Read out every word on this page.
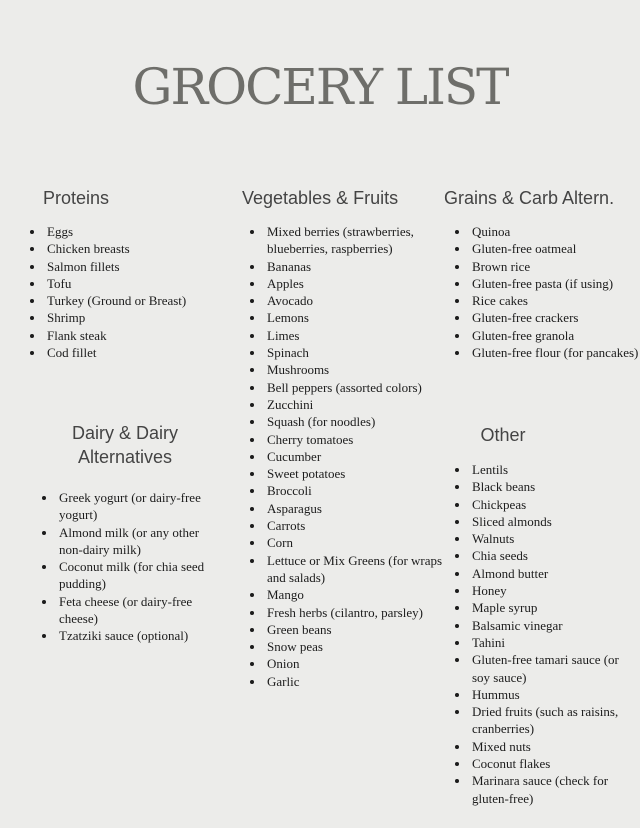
GROCERY LIST
Proteins
Eggs
Chicken breasts
Salmon fillets
Tofu
Turkey (Ground or Breast)
Shrimp
Flank steak
Cod fillet
Dairy & Dairy
Alternatives
Greek yogurt (or dairy-free yogurt)
Almond milk (or any other non-dairy milk)
Coconut milk (for chia seed pudding)
Feta cheese (or dairy-free cheese)
Tzatziki sauce (optional)
Vegetables & Fruits
Mixed berries (strawberries, blueberries, raspberries)
Bananas
Apples
Avocado
Lemons
Limes
Spinach
Mushrooms
Bell peppers (assorted colors)
Zucchini
Squash (for noodles)
Cherry tomatoes
Cucumber
Sweet potatoes
Broccoli
Asparagus
Carrots
Corn
Lettuce or Mix Greens (for wraps and salads)
Mango
Fresh herbs (cilantro, parsley)
Green beans
Snow peas
Onion
Garlic
Grains & Carb Altern.
Quinoa
Gluten-free oatmeal
Brown rice
Gluten-free pasta (if using)
Rice cakes
Gluten-free crackers
Gluten-free granola
Gluten-free flour (for pancakes)
Other
Lentils
Black beans
Chickpeas
Sliced almonds
Walnuts
Chia seeds
Almond butter
Honey
Maple syrup
Balsamic vinegar
Tahini
Gluten-free tamari sauce (or soy sauce)
Hummus
Dried fruits (such as raisins, cranberries)
Mixed nuts
Coconut flakes
Marinara sauce (check for gluten-free)
